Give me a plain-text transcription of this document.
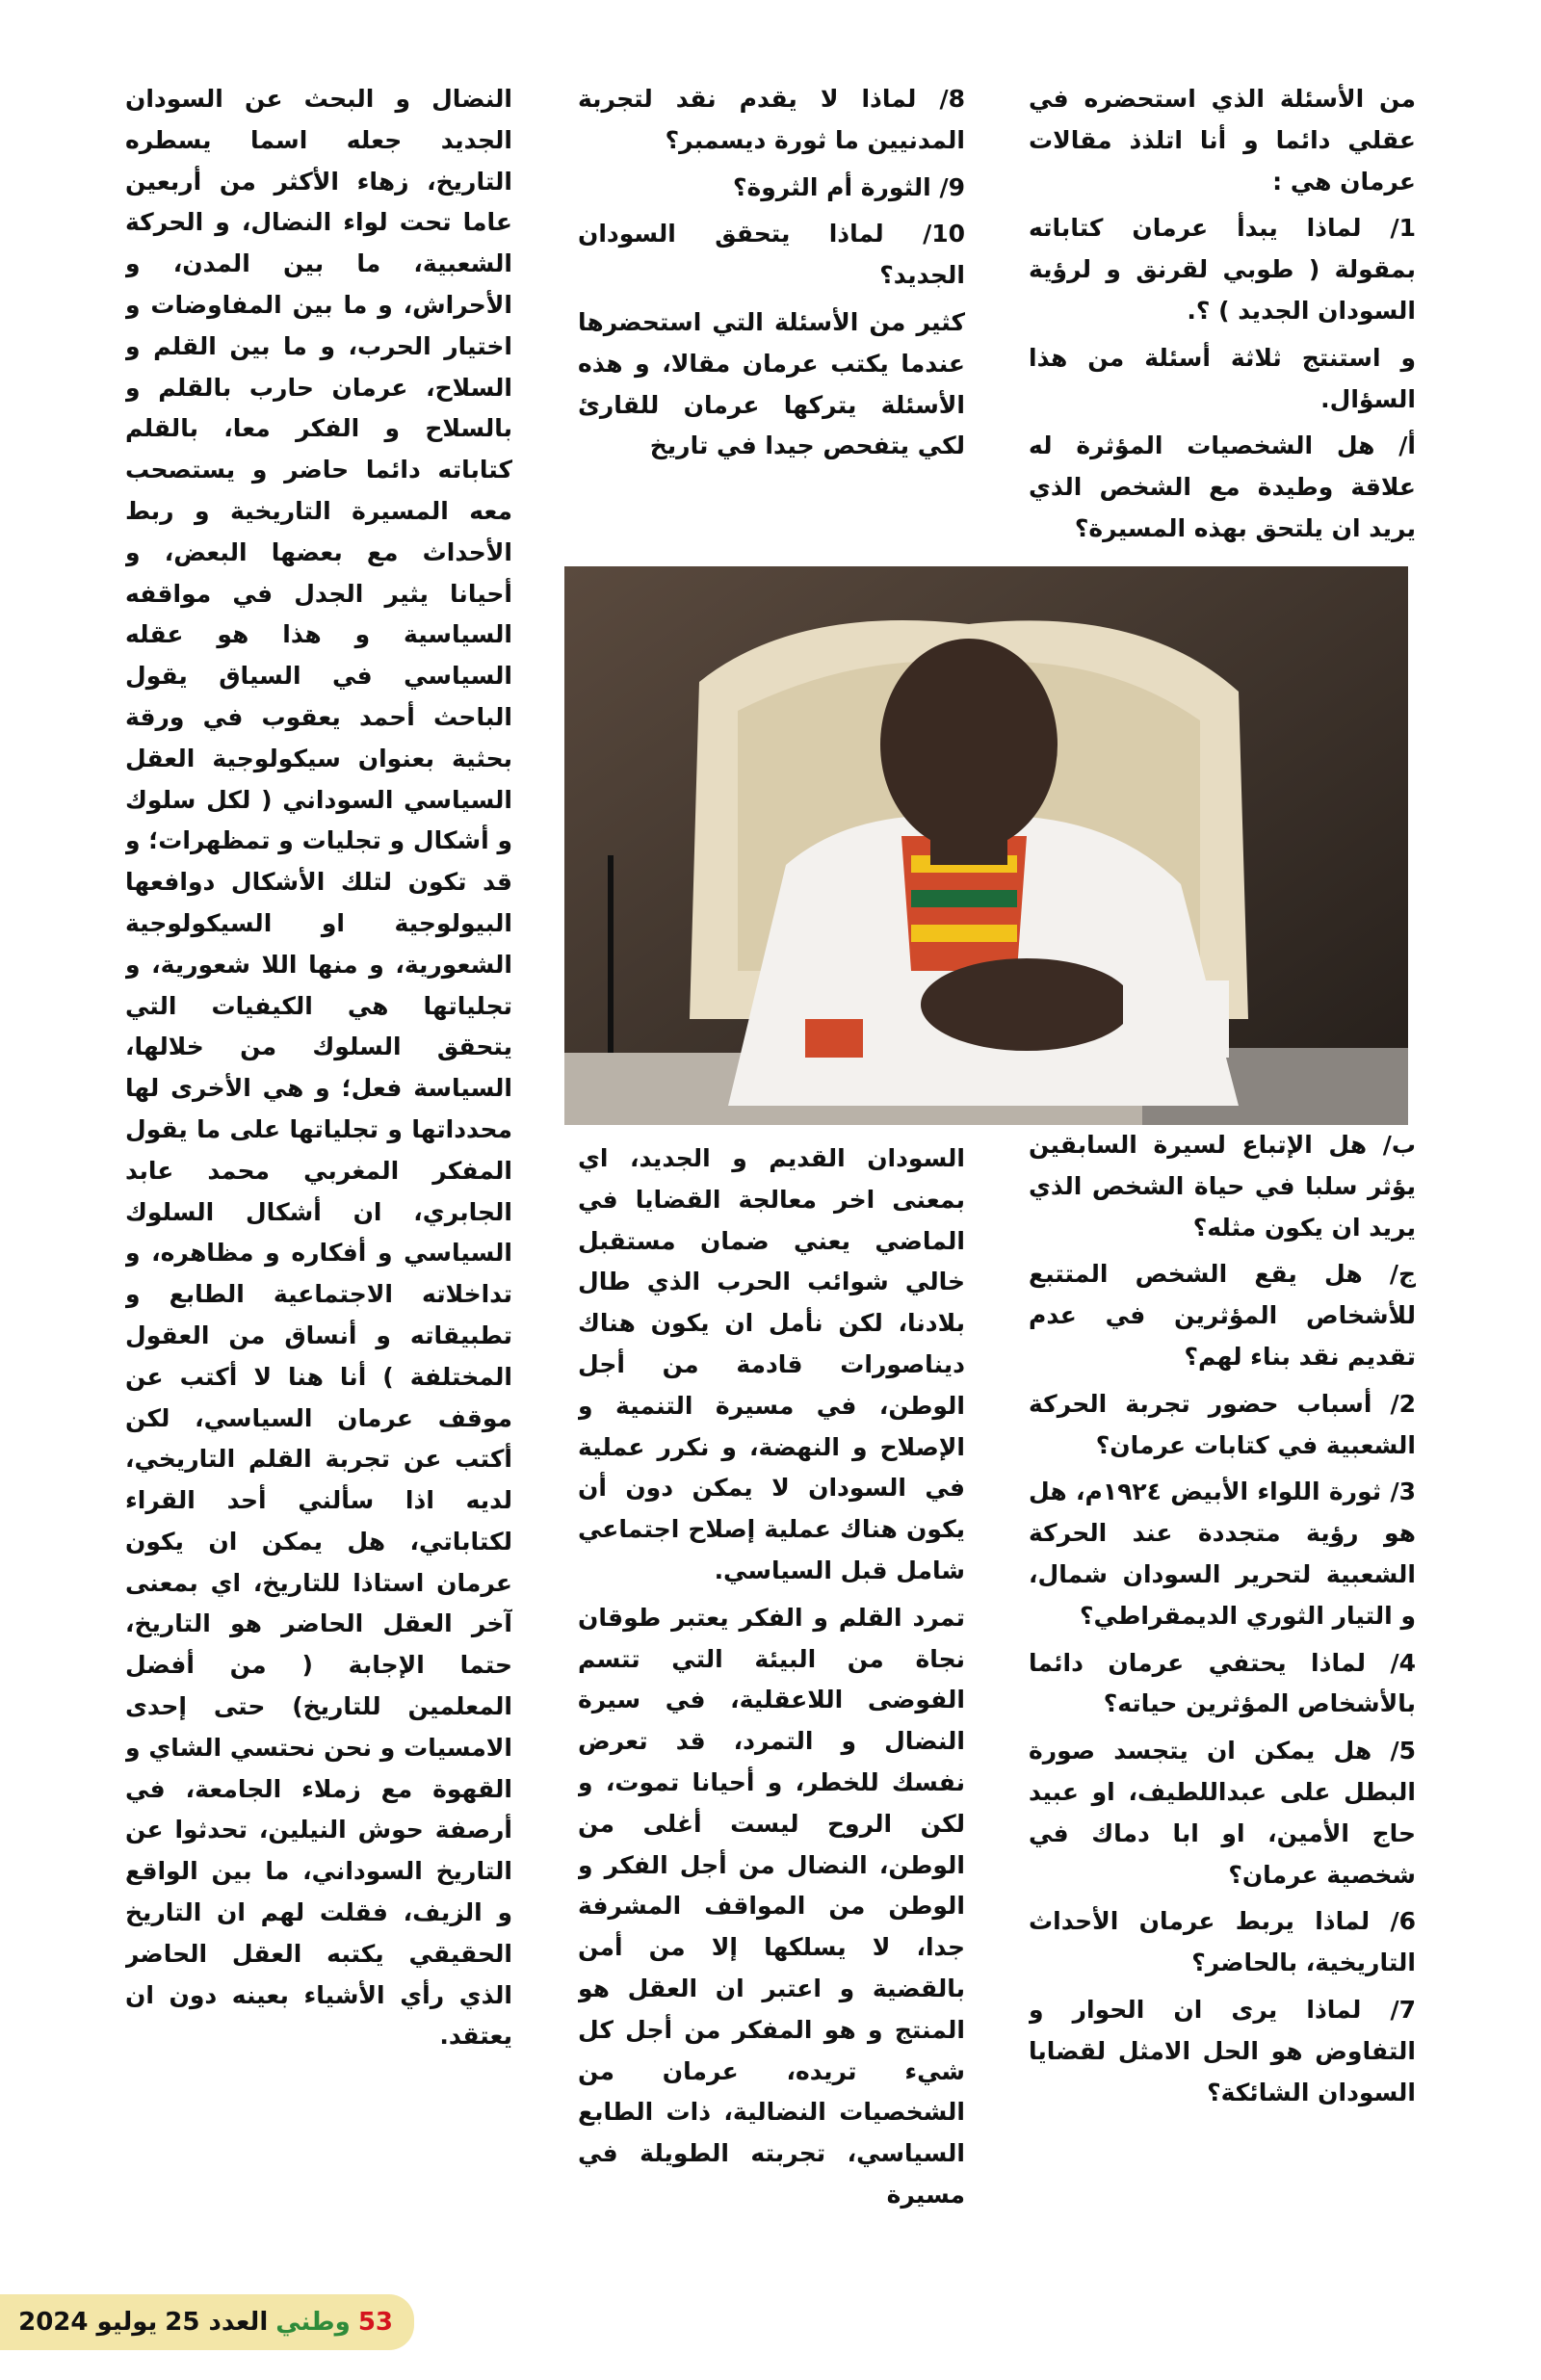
من الأسئلة الذي استحضره في عقلي دائما و أنا اتلذذ مقالات عرمان هي :

1/ لماذا يبدأ عرمان كتاباته بمقولة ( طوبي لقرنق و لرؤية السودان الجديد ) ؟.

و استنتج ثلاثة أسئلة من هذا السؤال.

أ/ هل الشخصيات المؤثرة له علاقة وطيدة مع الشخص الذي يريد ان يلتحق بهذه المسيرة؟

8/ لماذا لا يقدم نقد لتجربة المدنيين ما ثورة ديسمبر؟

9/ الثورة أم الثروة؟

10/ لماذا يتحقق السودان الجديد؟

كثير من الأسئلة التي استحضرها عندما يكتب عرمان مقالا، و هذه الأسئلة يتركها عرمان للقارئ لكي يتفحص جيدا في تاريخ

النضال و البحث عن السودان الجديد جعله اسما يسطره التاريخ، زهاء الأكثر من أربعين عاما تحت لواء النضال، و الحركة الشعبية، ما بين المدن، و الأحراش، و ما بين المفاوضات و اختيار الحرب، و ما بين القلم و السلاح، عرمان حارب بالقلم و بالسلاح و الفكر معا، بالقلم كتاباته دائما حاضر و يستصحب معه المسيرة التاريخية و ربط الأحداث مع بعضها البعض، و أحيانا يثير الجدل في مواقفه السياسية و هذا هو عقله السياسي في السياق يقول الباحث أحمد يعقوب في ورقة بحثية بعنوان سيكولوجية العقل السياسي السوداني ( لكل سلوك و أشكال و تجليات و تمظهرات؛ و قد تكون لتلك الأشكال دوافعها البيولوجية او السيكولوجية الشعورية، و منها اللا شعورية، و تجلياتها هي الكيفيات التي يتحقق السلوك من خلالها، السياسة فعل؛ و هي الأخرى لها محدداتها و تجلياتها على ما يقول المفكر المغربي محمد عابد الجابري، ان أشكال السلوك السياسي و أفكاره و مظاهره، و تداخلاته الاجتماعية الطابع و تطبيقاته و أنساق من العقول المختلفة ) أنا هنا لا أكتب عن موقف عرمان السياسي، لكن أكتب عن تجربة القلم التاريخي، لديه اذا سألني أحد القراء لكتاباتي، هل يمكن ان يكون عرمان استاذا للتاريخ، اي بمعنى آخر العقل الحاضر هو التاريخ، حتما الإجابة ( من أفضل المعلمين للتاريخ) حتى إحدى الامسيات و نحن نحتسي الشاي و القهوة مع زملاء الجامعة، في أرصفة حوش النيلين، تحدثوا عن التاريخ السوداني، ما بين الواقع و الزيف، فقلت لهم ان التاريخ الحقيقي يكتبه العقل الحاضر الذي رأي الأشياء بعينه دون ان يعتقد.

ب/ هل الإتباع لسيرة السابقين يؤثر سلبا في حياة الشخص الذي يريد ان يكون مثله؟

ج/ هل يقع الشخص المتتبع للأشخاص المؤثرين في عدم تقديم نقد بناء لهم؟

2/ أسباب حضور تجربة الحركة الشعبية في كتابات عرمان؟

3/ ثورة اللواء الأبيض ١٩٢٤م، هل هو رؤية متجددة عند الحركة الشعبية لتحرير السودان شمال، و التيار الثوري الديمقراطي؟

4/ لماذا يحتفي عرمان دائما بالأشخاص المؤثرين حياته؟

5/ هل يمكن ان يتجسد صورة البطل على عبداللطيف، او عبيد حاج الأمين، او ابا دماك في شخصية عرمان؟

6/ لماذا يربط عرمان الأحداث التاريخية، بالحاضر؟

7/ لماذا يرى ان الحوار و التفاوض هو الحل الامثل لقضايا السودان الشائكة؟

السودان القديم و الجديد، اي بمعنى اخر معالجة القضايا في الماضي يعني ضمان مستقبل خالي شوائب الحرب الذي طال بلادنا، لكن نأمل ان يكون هناك ديناصورات قادمة من أجل الوطن، في مسيرة التنمية و الإصلاح و النهضة، و نكرر عملية في السودان لا يمكن دون أن يكون هناك عملية إصلاح اجتماعي شامل قبل السياسي.

تمرد القلم و الفكر يعتبر طوقان نجاة من البيئة التي تتسم الفوضى اللاعقلية، في سيرة النضال و التمرد، قد تعرض نفسك للخطر، و أحيانا تموت، و لكن الروح ليست أغلى من الوطن، النضال من أجل الفكر و الوطن من المواقف المشرفة جدا، لا يسلكها إلا من أمن بالقضية و اعتبر ان العقل هو المنتج و هو المفكر من أجل كل شيء تريده، عرمان من الشخصيات النضالية، ذات الطابع السياسي، تجربته الطويلة في مسيرة

2024 يوليو العدد 25 وطني 53
